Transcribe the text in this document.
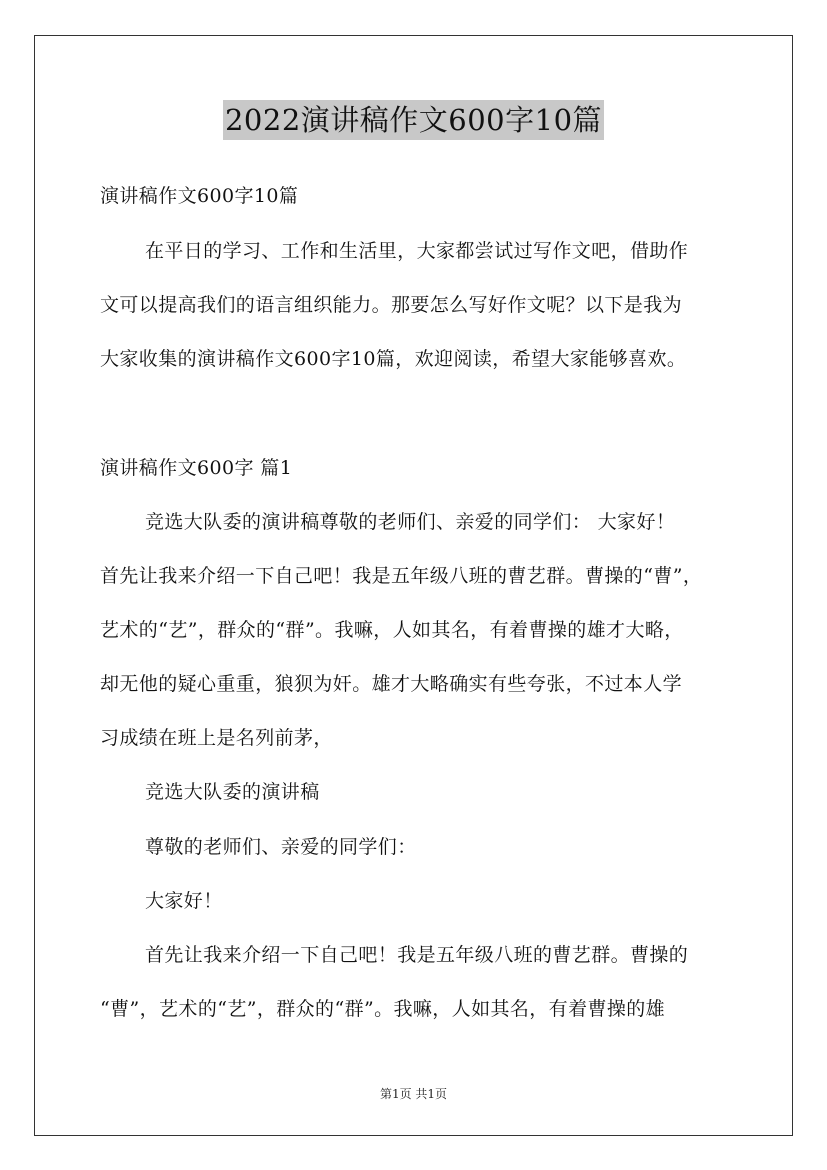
2022演讲稿作文600字10篇
演讲稿作文600字10篇
在平日的学习、工作和生活里，大家都尝试过写作文吧，借助作
文可以提高我们的语言组织能力。那要怎么写好作文呢？以下是我为
大家收集的演讲稿作文600字10篇，欢迎阅读，希望大家能够喜欢。
演讲稿作文600字 篇1
竞选大队委的演讲稿尊敬的老师们、亲爱的同学们： 大家好！
首先让我来介绍一下自己吧！我是五年级八班的曹艺群。曹操的“曹”，
艺术的“艺”，群众的“群”。我嘛，人如其名，有着曹操的雄才大略，
却无他的疑心重重，狼狈为奸。雄才大略确实有些夸张，不过本人学
习成绩在班上是名列前茅，
竞选大队委的演讲稿
尊敬的老师们、亲爱的同学们：
大家好！
首先让我来介绍一下自己吧！我是五年级八班的曹艺群。曹操的
“曹”，艺术的“艺”，群众的“群”。我嘛，人如其名，有着曹操的雄
第1页 共1页
